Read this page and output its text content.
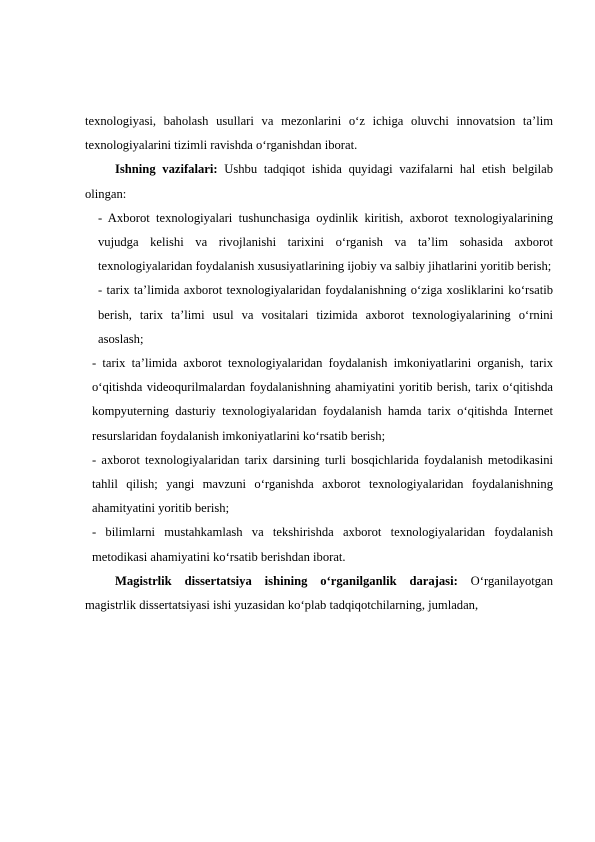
texnologiyasi, baholash usullari va mezonlarini o‘z ichiga oluvchi innovatsion ta’lim texnologiyalarini tizimli ravishda o‘rganishdan iborat.

Ishning vazifalari: Ushbu tadqiqot ishida quyidagi vazifalarni hal etish belgilab olingan:

- Axborot texnologiyalari tushunchasiga oydinlik kiritish, axborot texnologiyalarining vujudga kelishi va rivojlanishi tarixini o‘rganish va ta’lim sohasida axborot texnologiyalaridan foydalanish xususiyatlarining ijobiy va salbiy jihatlarini yoritib berish;

- tarix ta’limida axborot texnologiyalaridan foydalanishning o‘ziga xosliklarini ko‘rsatib berish, tarix ta’limi usul va vositalari tizimida axborot texnologiyalarining o‘rnini asoslash;

- tarix ta’limida axborot texnologiyalaridan foydalanish imkoniyatlarini organish, tarix o‘qitishda videoqurilmalardan foydalanishning ahamiyatini yoritib berish, tarix o‘qitishda kompyuterning dasturiy texnologiyalaridan foydalanish hamda tarix o‘qitishda Internet resurslaridan foydalanish imkoniyatlarini ko‘rsatib berish;

- axborot texnologiyalaridan tarix darsining turli bosqichlarida foydalanish metodikasini tahlil qilish; yangi mavzuni o‘rganishda axborot texnologiyalaridan foydalanishning ahamityatini yoritib berish;

- bilimlarni mustahkamlash va tekshirishda axborot texnologiyalaridan foydalanish metodikasi ahamiyatini ko‘rsatib berishdan iborat.

Magistrlik dissertatsiya ishining o‘rganilganlik darajasi: O‘rganilayotgan magistrlik dissertatsiyasi ishi yuzasidan ko‘plab tadqiqotchilarning, jumladan,
